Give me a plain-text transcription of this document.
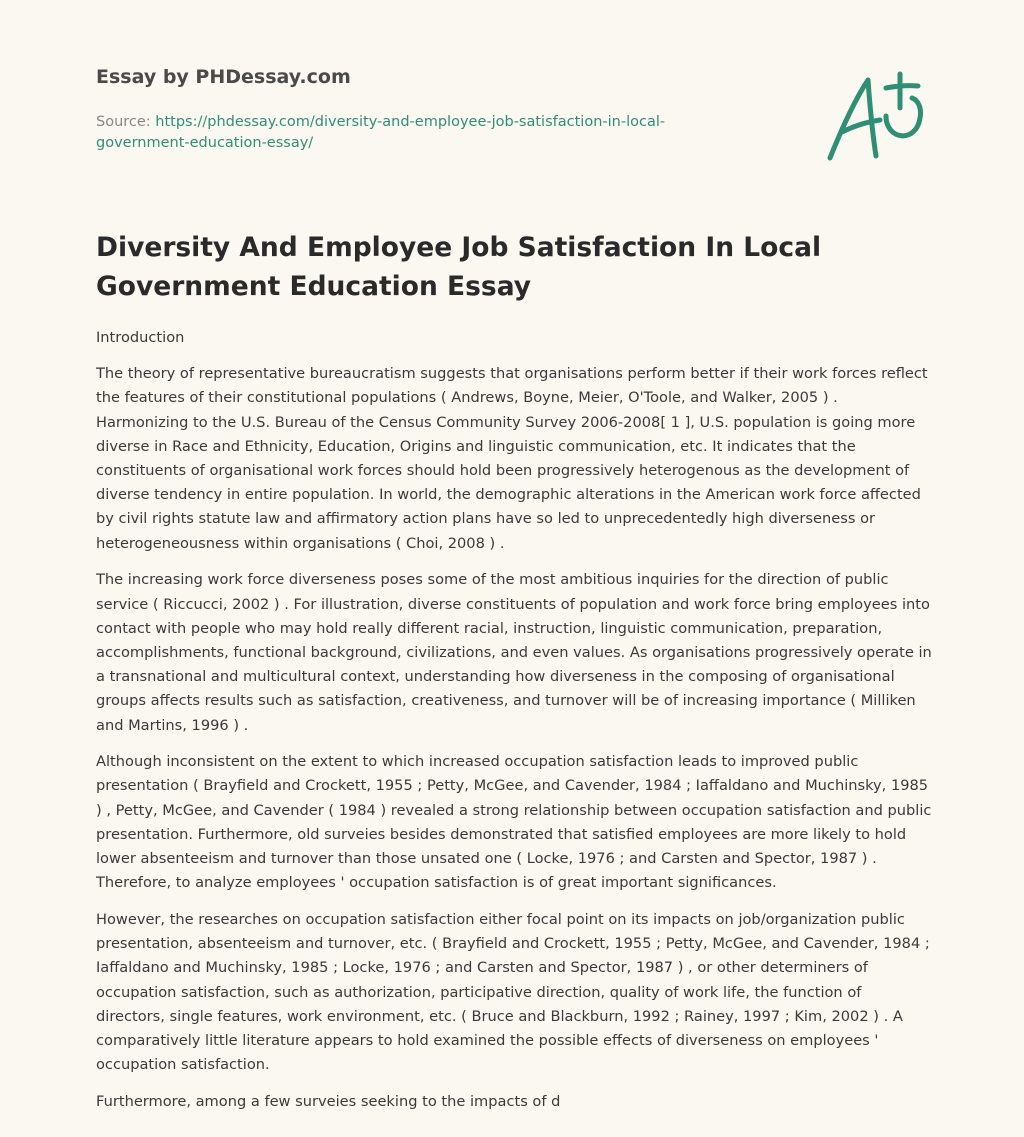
Essay by PHDessay.com
Source: https://phdessay.com/diversity-and-employee-job-satisfaction-in-local-government-education-essay/
Diversity And Employee Job Satisfaction In Local Government Education Essay

Introduction

The theory of representative bureaucratism suggests that organisations perform better if their work forces reflect the features of their constitutional populations ( Andrews, Boyne, Meier, O'Toole, and Walker, 2005 ) . Harmonizing to the U.S. Bureau of the Census Community Survey 2006-2008[ 1 ], U.S. population is going more diverse in Race and Ethnicity, Education, Origins and linguistic communication, etc. It indicates that the constituents of organisational work forces should hold been progressively heterogenous as the development of diverse tendency in entire population. In world, the demographic alterations in the American work force affected by civil rights statute law and affirmatory action plans have so led to unprecedentedly high diverseness or heterogeneousness within organisations ( Choi, 2008 ) .

The increasing work force diverseness poses some of the most ambitious inquiries for the direction of public service ( Riccucci, 2002 ) . For illustration, diverse constituents of population and work force bring employees into contact with people who may hold really different racial, instruction, linguistic communication, preparation, accomplishments, functional background, civilizations, and even values. As organisations progressively operate in a transnational and multicultural context, understanding how diverseness in the composing of organisational groups affects results such as satisfaction, creativeness, and turnover will be of increasing importance ( Milliken and Martins, 1996 ) .

Although inconsistent on the extent to which increased occupation satisfaction leads to improved public presentation ( Brayfield and Crockett, 1955 ; Petty, McGee, and Cavender, 1984 ; Iaffaldano and Muchinsky, 1985 ) , Petty, McGee, and Cavender ( 1984 ) revealed a strong relationship between occupation satisfaction and public presentation. Furthermore, old surveies besides demonstrated that satisfied employees are more likely to hold lower absenteeism and turnover than those unsated one ( Locke, 1976 ; and Carsten and Spector, 1987 ) . Therefore, to analyze employees ' occupation satisfaction is of great important significances.

However, the researches on occupation satisfaction either focal point on its impacts on job/organization public presentation, absenteeism and turnover, etc. ( Brayfield and Crockett, 1955 ; Petty, McGee, and Cavender, 1984 ; Iaffaldano and Muchinsky, 1985 ; Locke, 1976 ; and Carsten and Spector, 1987 ) , or other determiners of occupation satisfaction, such as authorization, participative direction, quality of work life, the function of directors, single features, work environment, etc. ( Bruce and Blackburn, 1992 ; Rainey, 1997 ; Kim, 2002 ) . A comparatively little literature appears to hold examined the possible effects of diverseness on employees ' occupation satisfaction.

Furthermore, among a few surveies seeking to the impacts of d
